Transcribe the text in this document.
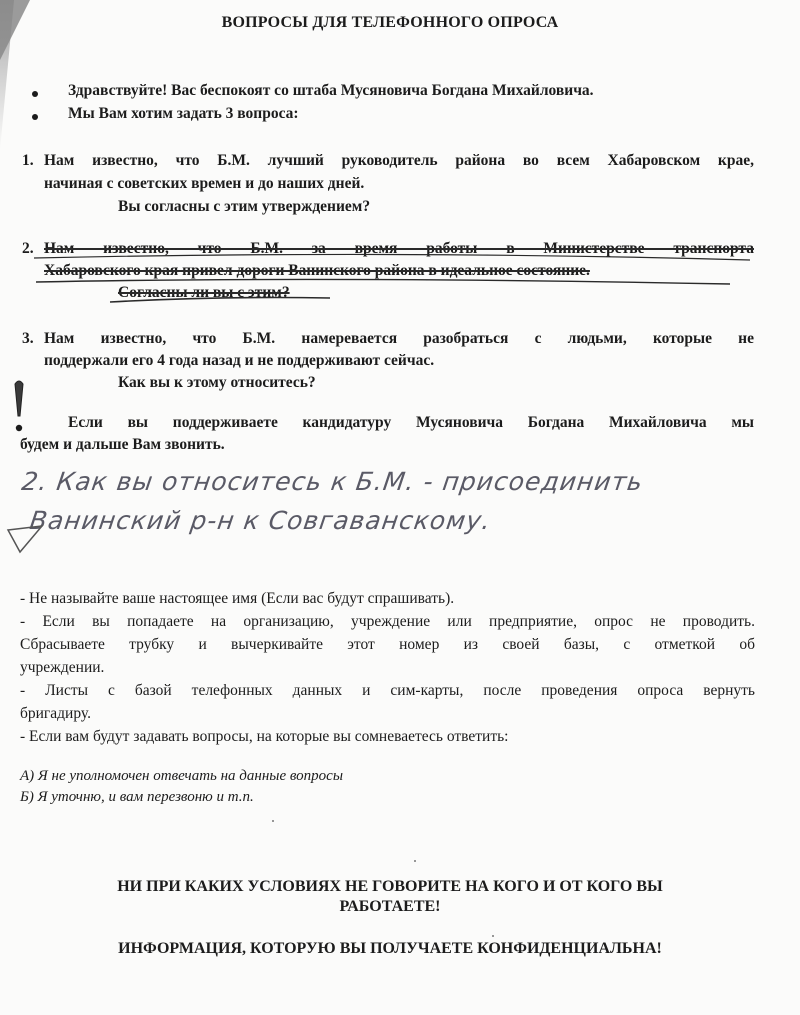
ВОПРОСЫ ДЛЯ ТЕЛЕФОННОГО ОПРОСА
Здравствуйте! Вас беспокоят со штаба Мусяновича Богдана Михайловича.
Мы Вам хотим задать 3 вопроса:
1. Нам известно, что Б.М. лучший руководитель района во всем Хабаровском крае,
начиная с советских времен и до наших дней.
Вы согласны с этим утверждением?
2. Нам известно, что Б.М. за время работы в Министерстве транспорта
Хабаровского края привел дороги Ванинского района в идеальное состояние.
Согласны ли вы с этим?
3. Нам известно, что Б.М. намеревается разобраться с людьми, которые не
поддержали его 4 года назад и не поддерживают сейчас.
Как вы к этому относитесь?
Если вы поддерживаете кандидатуру Мусяновича Богдана Михайловича мы
будем и дальше Вам звонить.
2. Как вы относитесь к Б.М. - присоединить
Ванинский р-н к Совгаванскому.
- Не называйте ваше настоящее имя (Если вас будут спрашивать).
- Если вы попадаете на организацию, учреждение или предприятие, опрос не проводить.
Сбрасываете трубку и вычеркивайте этот номер из своей базы, с отметкой об
учреждении.
- Листы с базой телефонных данных и сим-карты, после проведения опроса вернуть
бригадиру.
- Если вам будут задавать вопросы, на которые вы сомневаетесь ответить:
А) Я не уполномочен отвечать на данные вопросы
Б) Я уточню, и вам перезвоню и т.п.
НИ ПРИ КАКИХ УСЛОВИЯХ НЕ ГОВОРИТЕ НА КОГО И ОТ КОГО ВЫ
РАБОТАЕТЕ!
ИНФОРМАЦИЯ, КОТОРУЮ ВЫ ПОЛУЧАЕТЕ КОНФИДЕНЦИАЛЬНА!
